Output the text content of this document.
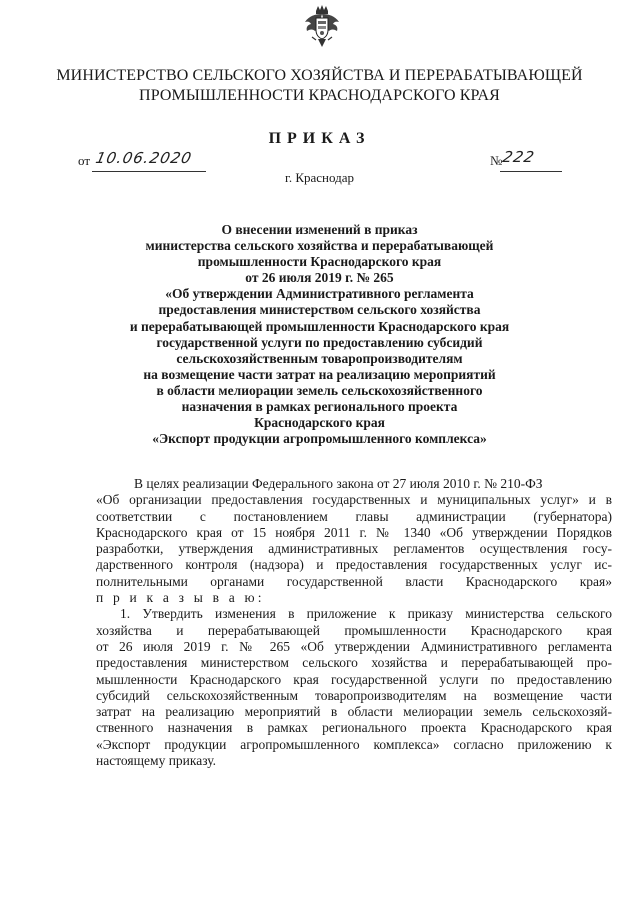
МИНИСТЕРСТВО СЕЛЬСКОГО ХОЗЯЙСТВА И ПЕРЕРАБАТЫВАЮЩЕЙ
ПРОМЫШЛЕННОСТИ КРАСНОДАРСКОГО КРАЯ
ПРИКАЗ
от 10.06.2020	№
222
г. Краснодар
О внесении изменений в приказ
министерства сельского хозяйства и перерабатывающей
промышленности Краснодарского края
от 26 июля 2019 г. № 265
«Об утверждении Административного регламента
предоставления министерством сельского хозяйства
и перерабатывающей промышленности Краснодарского края
государственной услуги по предоставлению субсидий
сельскохозяйственным товаропроизводителям
на возмещение части затрат на реализацию мероприятий
в области мелиорации земель сельскохозяйственного
назначения в рамках регионального проекта
Краснодарского края
«Экспорт продукции агропромышленного комплекса»
В целях реализации Федерального закона от 27 июля 2010 г. № 210-ФЗ
«Об организации предоставления государственных и муниципальных услуг» и в
соответствии с постановлением главы администрации (губернатора)
Краснодарского края от 15 ноября 2011 г. № 1340 «Об утверждении Порядков
разработки, утверждения административных регламентов осуществления госу-
дарственного контроля (надзора) и предоставления государственных услуг ис-
полнительными органами государственной власти Краснодарского края»
п р и к а з ы в а ю:
1. Утвердить изменения в приложение к приказу министерства сельского
хозяйства и перерабатывающей промышленности Краснодарского края
от 26 июля 2019 г. № 265 «Об утверждении Административного регламента
предоставления министерством сельского хозяйства и перерабатывающей про-
мышленности Краснодарского края государственной услуги по предоставлению
субсидий сельскохозяйственным товаропроизводителям на возмещение части
затрат на реализацию мероприятий в области мелиорации земель сельскохозяй-
ственного назначения в рамках регионального проекта Краснодарского края
«Экспорт продукции агропромышленного комплекса» согласно приложению к
настоящему приказу.
